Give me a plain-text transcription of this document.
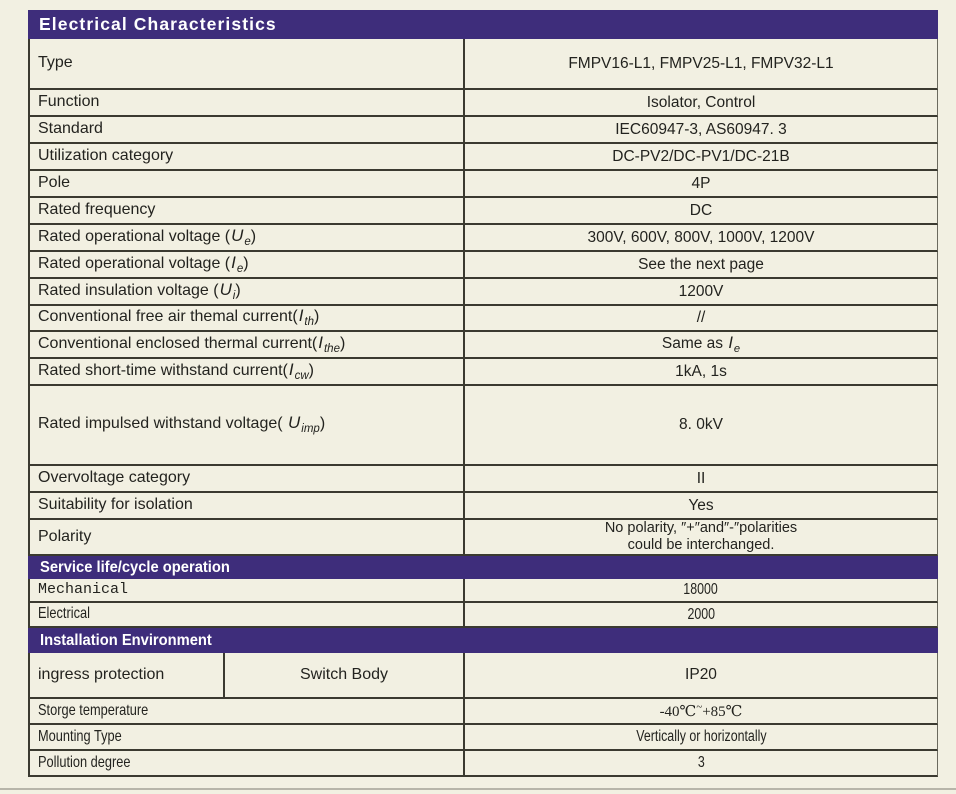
Electrical Characteristics
Type	FMPV16-L1, FMPV25-L1, FMPV32-L1
Function	Isolator, Control
Standard	IEC60947-3, AS60947. 3
Utilization category	DC-PV2/DC-PV1/DC-21B
Pole	4P
Rated frequency	DC
Rated operational voltage $(U_e)$	300V, 600V, 800V, 1000V, 1200V
Rated operational voltage $(I_e)$	See the next page
Rated insulation voltage $(U_i)$	1200V
Conventional free air themal $current(I_{th})$	//
Conventional enclosed thermal $current(I_{the})$	Same as $I_e$
Rated short-time withstand $current(I_{cw})$	1kA, 1s
Rated impulsed withstand voltage( $U_{imp}$)	8. 0kV
Overvoltage category	II
Suitability for isolation	Yes
Polarity	No polarity, ″+″and″-″polarities
could be interchanged.
Service life/cycle operation
Mechanical	18000
Electrical	2000
Installation Environment
ingress protection	Switch Body	IP20
Storge temperature	-40℃~+85℃
Mounting Type	Vertically or horizontally
Pollution degree	3
